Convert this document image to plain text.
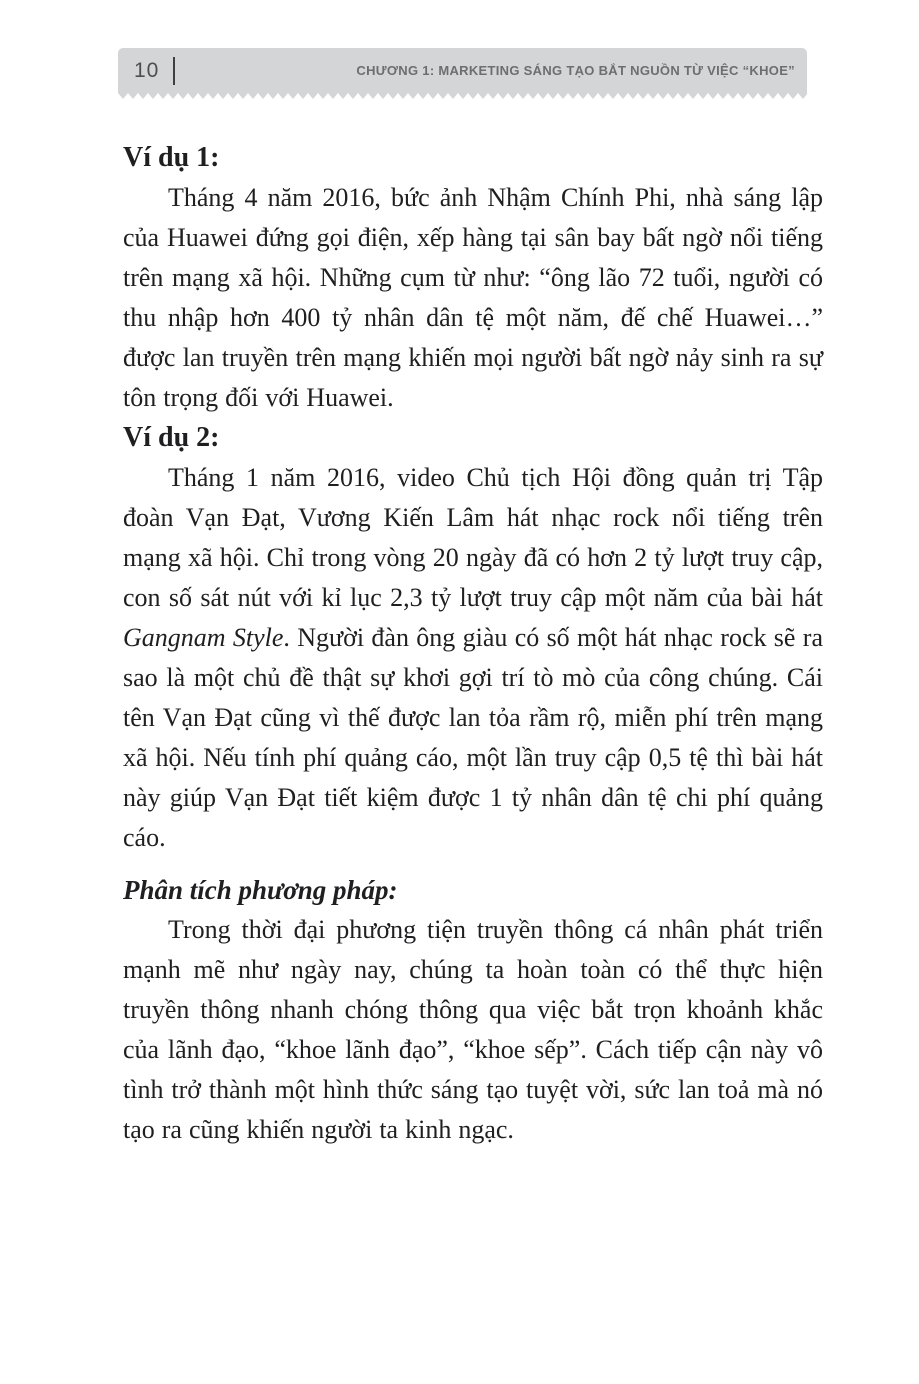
10	CHƯƠNG 1: MARKETING SÁNG TẠO BẮT NGUỒN TỪ VIỆC “KHOE”
Ví dụ 1:

Tháng 4 năm 2016, bức ảnh Nhậm Chính Phi, nhà sáng lập của Huawei đứng gọi điện, xếp hàng tại sân bay bất ngờ nổi tiếng trên mạng xã hội. Những cụm từ như: “ông lão 72 tuổi, người có thu nhập hơn 400 tỷ nhân dân tệ một năm, đế chế Huawei…” được lan truyền trên mạng khiến mọi người bất ngờ nảy sinh ra sự tôn trọng đối với Huawei.

Ví dụ 2:

Tháng 1 năm 2016, video Chủ tịch Hội đồng quản trị Tập đoàn Vạn Đạt, Vương Kiến Lâm hát nhạc rock nổi tiếng trên mạng xã hội. Chỉ trong vòng 20 ngày đã có hơn 2 tỷ lượt truy cập, con số sát nút với kỉ lục 2,3 tỷ lượt truy cập một năm của bài hát Gangnam Style. Người đàn ông giàu có số một hát nhạc rock sẽ ra sao là một chủ đề thật sự khơi gợi trí tò mò của công chúng. Cái tên Vạn Đạt cũng vì thế được lan tỏa rầm rộ, miễn phí trên mạng xã hội. Nếu tính phí quảng cáo, một lần truy cập 0,5 tệ thì bài hát này giúp Vạn Đạt tiết kiệm được 1 tỷ nhân dân tệ chi phí quảng cáo.

Phân tích phương pháp:

Trong thời đại phương tiện truyền thông cá nhân phát triển mạnh mẽ như ngày nay, chúng ta hoàn toàn có thể thực hiện truyền thông nhanh chóng thông qua việc bắt trọn khoảnh khắc của lãnh đạo, “khoe lãnh đạo”, “khoe sếp”. Cách tiếp cận này vô tình trở thành một hình thức sáng tạo tuyệt vời, sức lan toả mà nó tạo ra cũng khiến người ta kinh ngạc.
